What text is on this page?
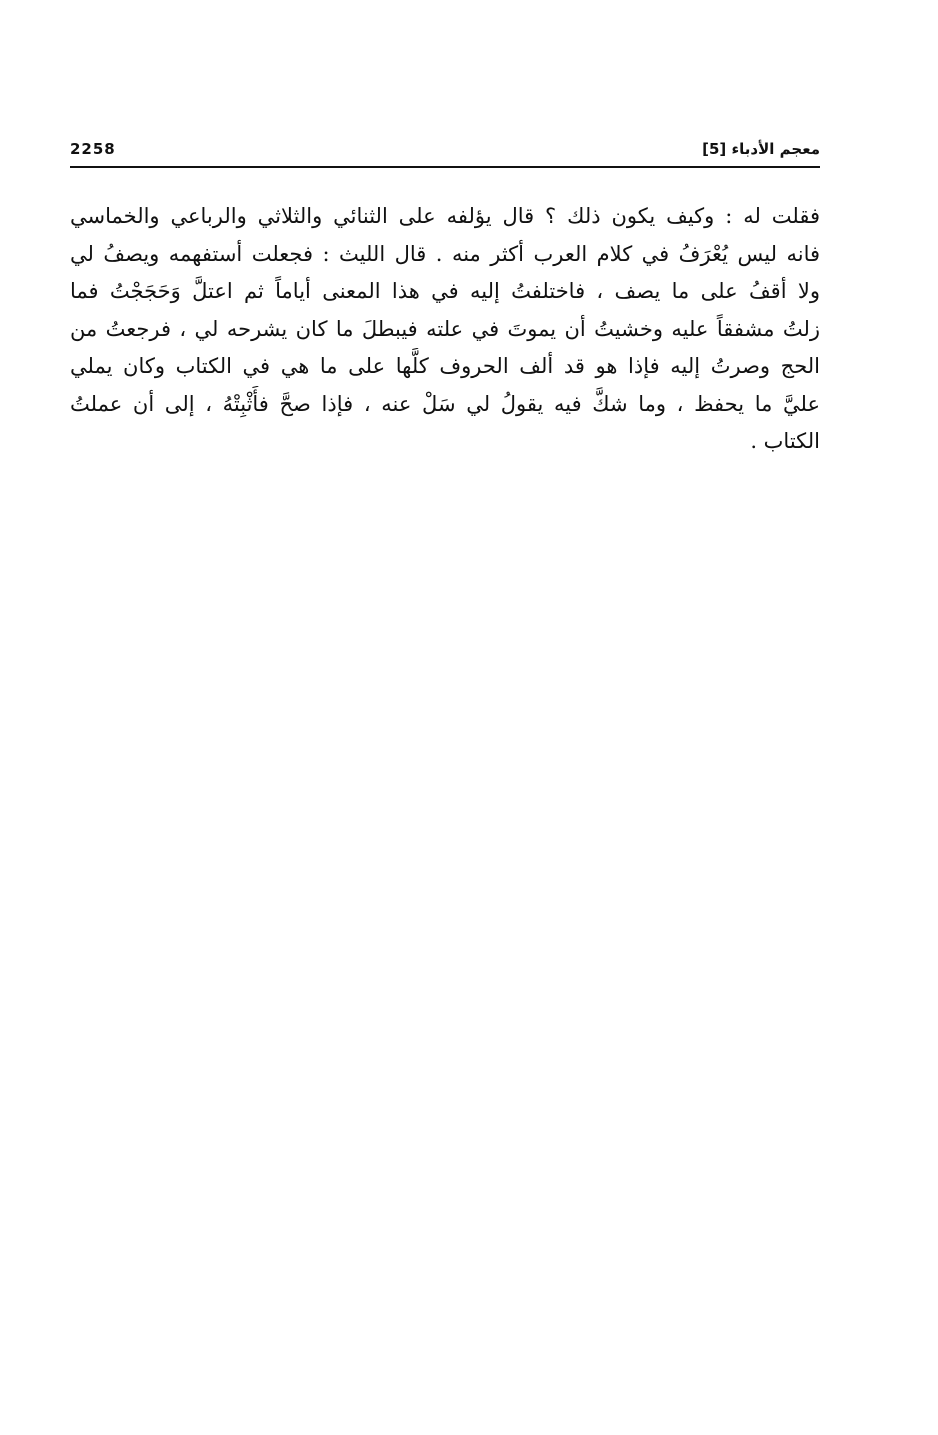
2258	معجم الأدباء [5]
فقلت له : وكيف يكون ذلك ؟ قال يؤلفه على الثنائي والثلاثي والرباعي والخماسي
فانه ليس يُعْرَفُ في كلام العرب أكثر منه . قال الليث : فجعلت أستفهمه ويصفُ لي
ولا أقفُ على ما يصف ، فاختلفتُ إليه في هذا المعنى أياماً ثم اعتلَّ وَحَجَجْتُ فما
زلتُ مشفقاً عليه وخشيتُ أن يموتَ في علته فيبطلَ ما كان يشرحه لي ، فرجعتُ من
الحج وصرتُ إليه فإذا هو قد ألف الحروف كلَّها على ما هي في الكتاب وكان يملي
عليَّ ما يحفظ ، وما شكَّ فيه يقولُ لي سَلْ عنه ، فإذا صحَّ فأَثْبِتْهُ ، إلى أن عملتُ
الكتاب .
